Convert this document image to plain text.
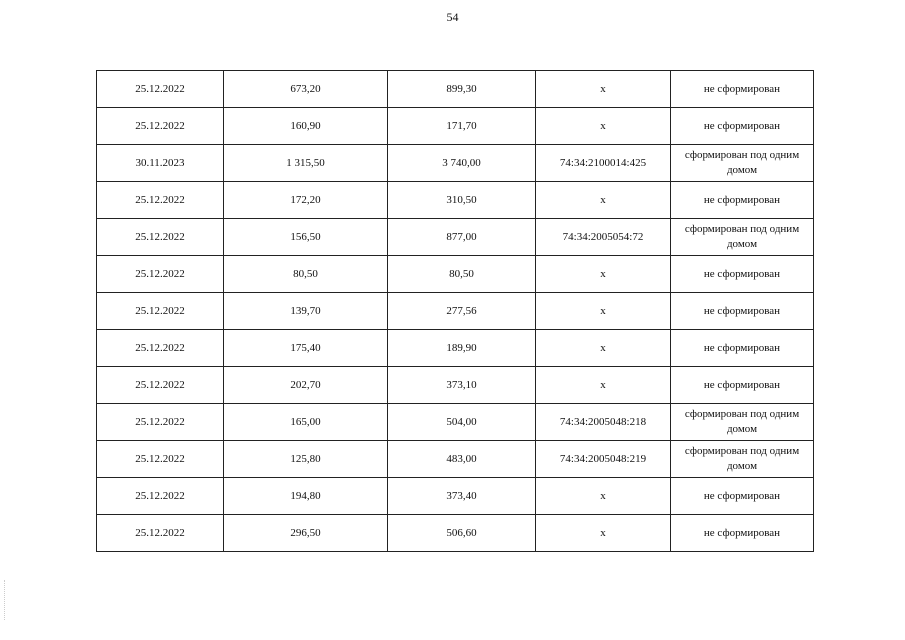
54
25.12.2022	673,20	899,30	x	не сформирован
25.12.2022	160,90	171,70	x	не сформирован
30.11.2023	1 315,50	3 740,00	74:34:2100014:425	сформирован под одним домом
25.12.2022	172,20	310,50	x	не сформирован
25.12.2022	156,50	877,00	74:34:2005054:72	сформирован под одним домом
25.12.2022	80,50	80,50	x	не сформирован
25.12.2022	139,70	277,56	x	не сформирован
25.12.2022	175,40	189,90	x	не сформирован
25.12.2022	202,70	373,10	x	не сформирован
25.12.2022	165,00	504,00	74:34:2005048:218	сформирован под одним домом
25.12.2022	125,80	483,00	74:34:2005048:219	сформирован под одним домом
25.12.2022	194,80	373,40	x	не сформирован
25.12.2022	296,50	506,60	x	не сформирован
